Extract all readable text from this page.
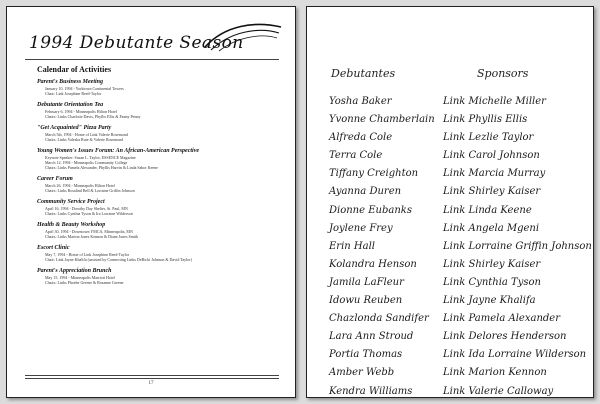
1994 Debutante Season
Calendar of Activities
Parent's Business Meeting
January 10, 1994 - Yorktown Continental Towers
Chair: Link Josephine Reed-Taylor
Debutante Orientation Tea
February 6, 1994 - Minneapolis Hilton Hotel
Chairs: Links Charlotte Davis, Phyllis Ellis & Fanny Penny
"Get Acquainted" Pizza Party
March 5th, 1994 - Home of Link Valerie Rosemond
Chairs: Links Valeska Ruie & Valerie Rosemond
Young Women's Issues Forum: An African-American Perspective
Keynote Speaker: Susan L. Taylor, ESSENCE Magazine
March 12, 1994 - Minneapolis Community College
Chairs: Links Pamela Alexander, Phyllis Harvin & Linda Sabor Keene
Career Forum
March 26, 1994 - Minneapolis Hilton Hotel
Chairs: Links Rosalind Bell & Lorraine Griffin Johnson
Community Service Project
April 16, 1994 - Dorothy Day Shelter, St. Paul, MN
Chairs: Links Cynthia Tyson & Ira Lorraine Wilderson
Health & Beauty Workshop
April 30, 1994 - Downtown YMCA, Minneapolis, MN
Chairs: Links Marion Jones Kennon & Diane Jones Smith
Escort Clinic
May 7, 1994 - Home of Link Josephine Reed-Taylor
Chair: Link Jayne Khalifa (assisted by Connecting Links DeRicki Johnson & David Taylor)
Parent's Appreciation Brunch
May 15, 1994 - Minneapolis Marriott Hotel
Chairs: Links Phoebe Greene & Rosanne Greene
17
Debutantes	Sponsors
Yosha Baker	Link Michelle Miller
Yvonne Chamberlain Link Phyllis Ellis
Alfreda Cole	Link Lezlie Taylor
Terra Cole	Link Carol Johnson
Tiffany Creighton Link Marcia Murray
Ayanna Duren	Link Shirley Kaiser
Dionne Eubanks	Link Linda Keene
Joylene Frey	Link Angela Mgeni
Erin Hall	Link Lorraine Griffin Johnson
Kolandra Henson	Link Shirley Kaiser
Jamila LaFleur	Link Cynthia Tyson
Idowu Reuben	Link Jayne Khalifa
Chazlonda Sandifer Link Pamela Alexander
Lara Ann Stroud	Link Delores Henderson
Portia Thomas	Link Ida Lorraine Wilderson
Amber Webb	Link Marion Kennon
Kendra Williams	Link Valerie Calloway
